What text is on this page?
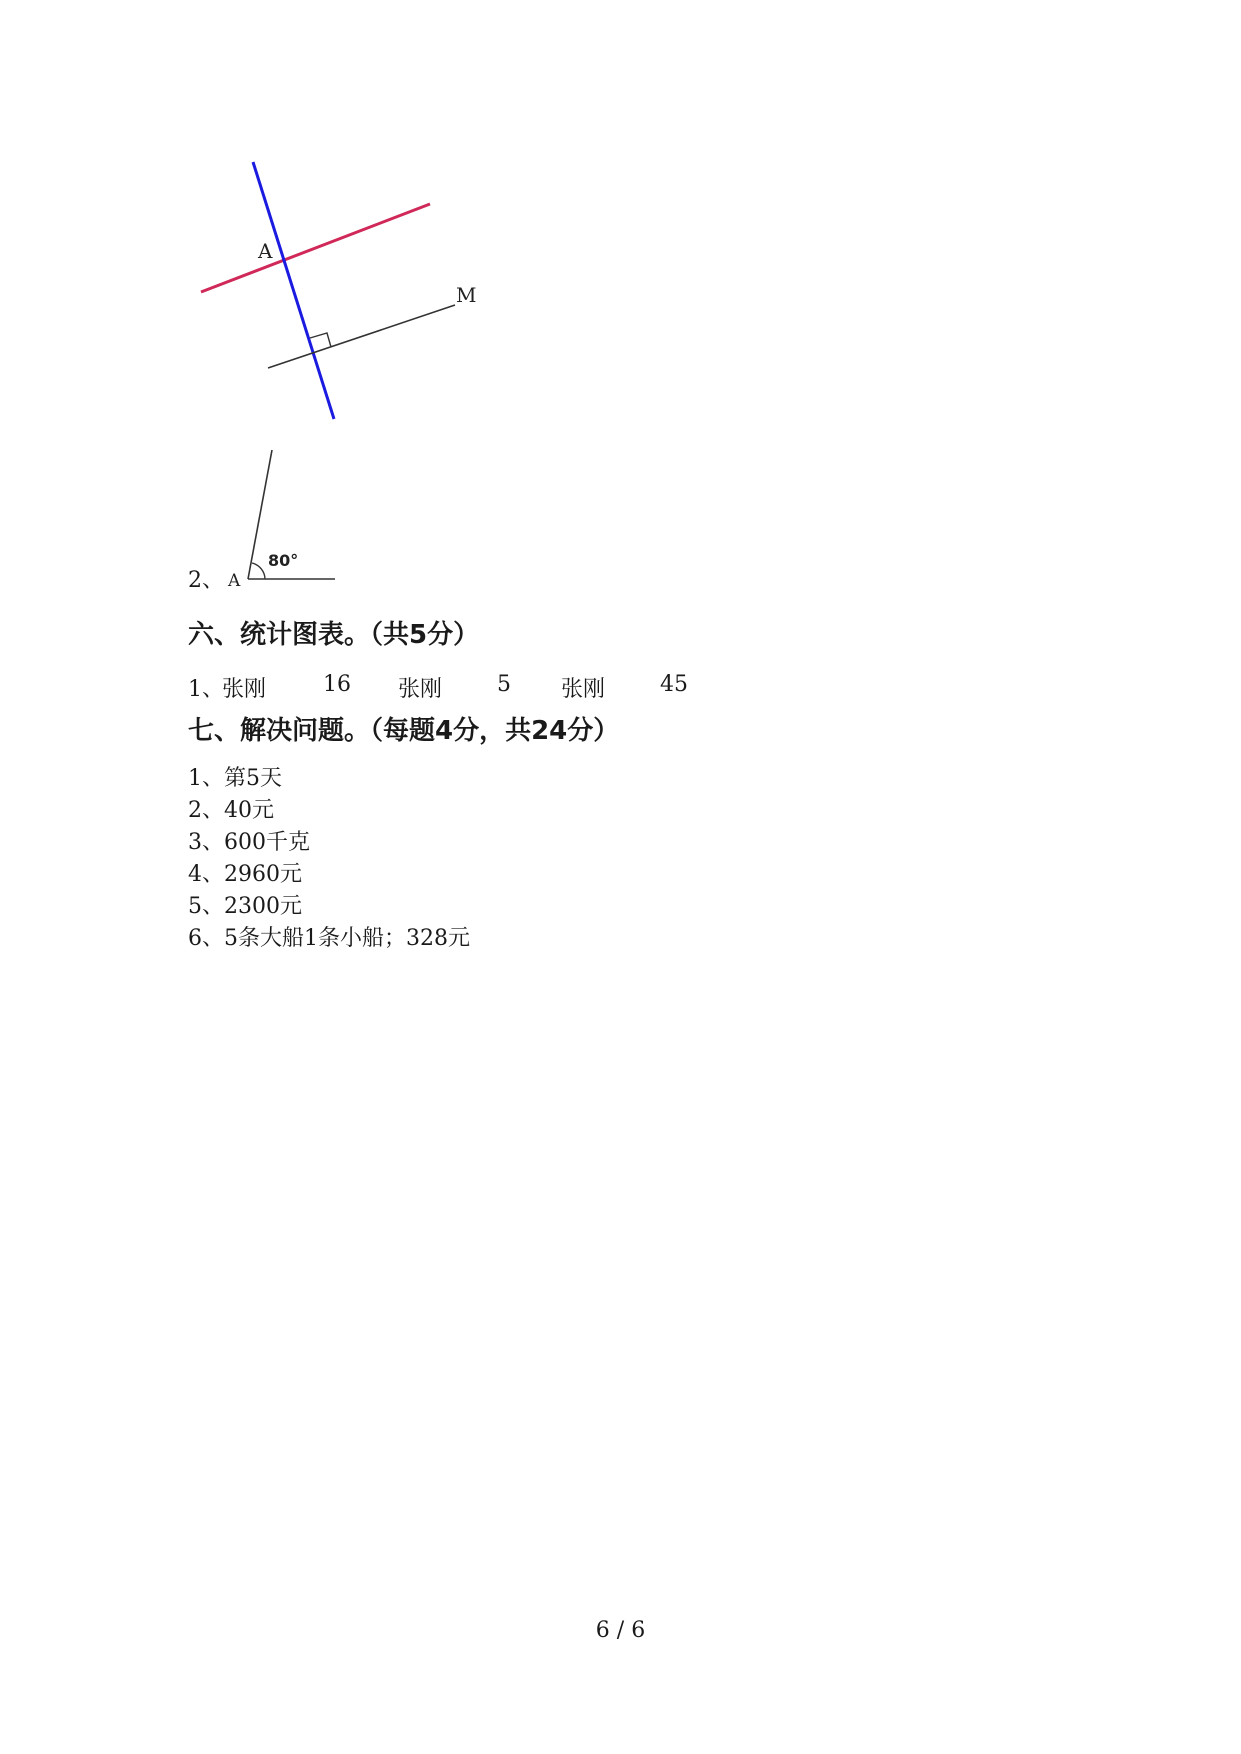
A
M
2、 A
80°
六、统计图表。（共5分）
1、
张刚	16 张刚 5 张刚 45
七、解决问题。（每题4分，共24分）
1、第5天
2、40元
3、600千克
4、2960元
5、2300元
6、5条大船1条小船；328元
6 / 6
